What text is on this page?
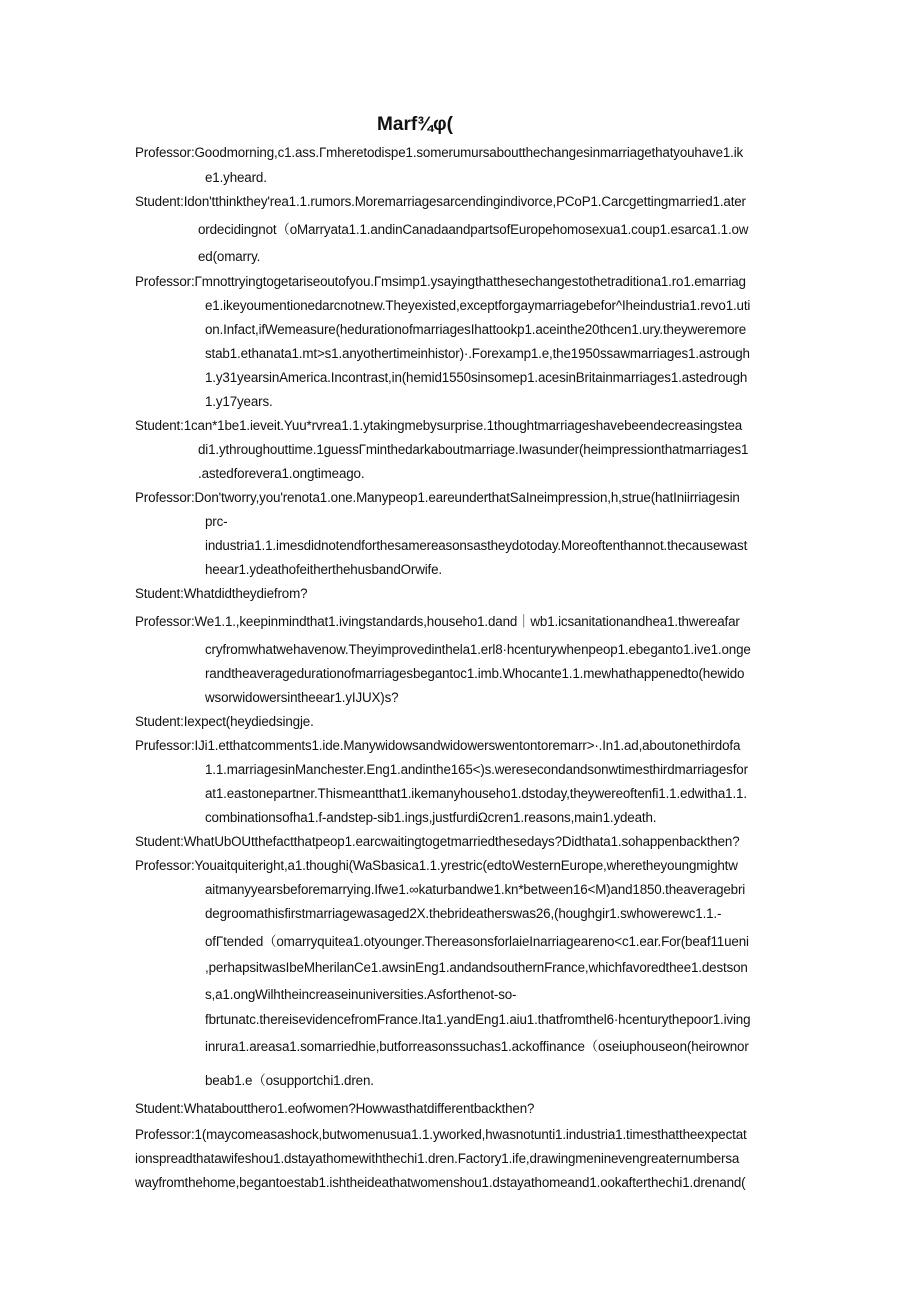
Marf¾φ(
Professor:Goodmorning,c1.ass.Γmheretodispe1.somerumursaboutthechangesinmarriagethatyouhave1.ik
e1.yheard.
Student:Idon'tthinkthey'rea1.1.rumors.Moremarriagesarcendingindivorce,PCoP1.Carcgettingmarried1.ater
ordecidingnot（oMarryata1.1.andinCanadaandpartsofEuropehomosexua1.coup1.esarca1.1.ow
ed(omarry.
Professor:Γmnottryingtogetariseoutofyou.Γmsimp1.ysayingthatthesechangestothetraditiona1.ro1.emarriag
e1.ikeyoumentionedarcnotnew.Theyexisted,exceptforgaymarriagebefor^Iheindustria1.revo1.uti
on.Infact,ifWemeasure(hedurationofmarriagesIhattookp1.aceinthe20thcen1.ury.theyweremore
stab1.ethanata1.mt>s1.anyothertimeinhistor)·.Forexamp1.e,the1950ssawmarriages1.astrough
1.y31yearsinAmerica.Incontrast,in(hemid1550sinsomep1.acesinBritainmarriages1.astedrough
1.y17years.
Student:1can*1be1.ieveit.Yuu*rvrea1.1.ytakingmebysurprise.1thoughtmarriageshavebeendecreasingstea
di1.ythroughouttime.1guessΓminthedarkaboutmarriage.Iwasunder(heimpressionthatmarriages1
.astedforevera1.ongtimeago.
Professor:Don'tworry,you'renota1.one.Manypeop1.eareunderthatSaIneimpression,h,strue(hatIniirriagesin
prc-
industria1.1.imesdidnotendforthesamereasonsastheydotoday.Moreoftenthannot.thecausewast
heear1.ydeathofeitherthehusbandOrwife.
Student:Whatdidtheydiefrom?
Professor:We1.1.,keepinmindthat1.ivingstandards,househo1.dand｜wb1.icsanitationandhea1.thwereafar
cryfromwhatwehavenow.Theyimprovedinthela1.erl8·hcenturywhenpeop1.ebeganto1.ive1.onge
randtheaveragedurationofmarriagesbegantoc1.imb.Whocante1.1.mewhathappenedto(hewido
wsorwidowersintheear1.yIJUX)s?
Student:Iexpect(heydiedsingje.
Prufessor:IJi1.etthatcomments1.ide.Manywidowsandwidowerswentontoremarr>·.In1.ad,aboutonethirdofa
1.1.marriagesinManchester.Eng1.andinthe165<)s.weresecondandsonwtimesthirdmarriagesfor
at1.eastonepartner.Thismeantthat1.ikemanyhouseho1.dstoday,theywereoftenfi1.1.edwitha1.1.
combinationsofha1.f-andstep-sib1.ings,justfurdiΩcren1.reasons,main1.ydeath.
Student:WhatUbOUtthefactthatpeop1.earcwaitingtogetmarriedthesedays?Didthata1.sohappenbackthen?
Professor:Youaitquiteright,a1.thoughi(WaSbasica1.1.yrestric(edtoWesternEurope,wheretheyoungmightw
aitmanyyearsbeforemarrying.Ifwe1.∞katurbandwe1.kn*between16<M)and1850.theaveragebri
degroomathisfirstmarriagewasaged2X.thebrideatherswas26,(houghgir1.swhowerewc1.1.-
ofΓtended（omarryquitea1.otyounger.ThereasonsforlaieInarriageareno<c1.ear.For(beaf11ueni
,perhapsitwasIbeMherilanCe1.awsinEng1.andandsouthernFrance,whichfavoredthee1.destson
s,a1.ongWilhtheincreaseinuniversities.Asforthenot-so-
fbrtunatc.thereisevidencefromFrance.Ita1.yandEng1.aiu1.thatfromthel6·hcenturythepoor1.iving
inrura1.areasa1.somarriedhie,butforreasonssuchas1.ackoffinance（oseiuphouseon(heirownor
beab1.e（osupportchi1.dren.
Student:Whataboutthero1.eofwomen?Howwasthatdifferentbackthen?
Professor:1(maycomeasashock,butwomenusua1.1.yworked,hwasnotunti1.industria1.timesthattheexpectat
ionspreadthatawifeshou1.dstayathomewiththechi1.dren.Factory1.ife,drawingmeninevengreaternumbersa
wayfromthehome,begantoestab1.ishtheideathatwomenshou1.dstayathomeand1.ookafterthechi1.drenand(
